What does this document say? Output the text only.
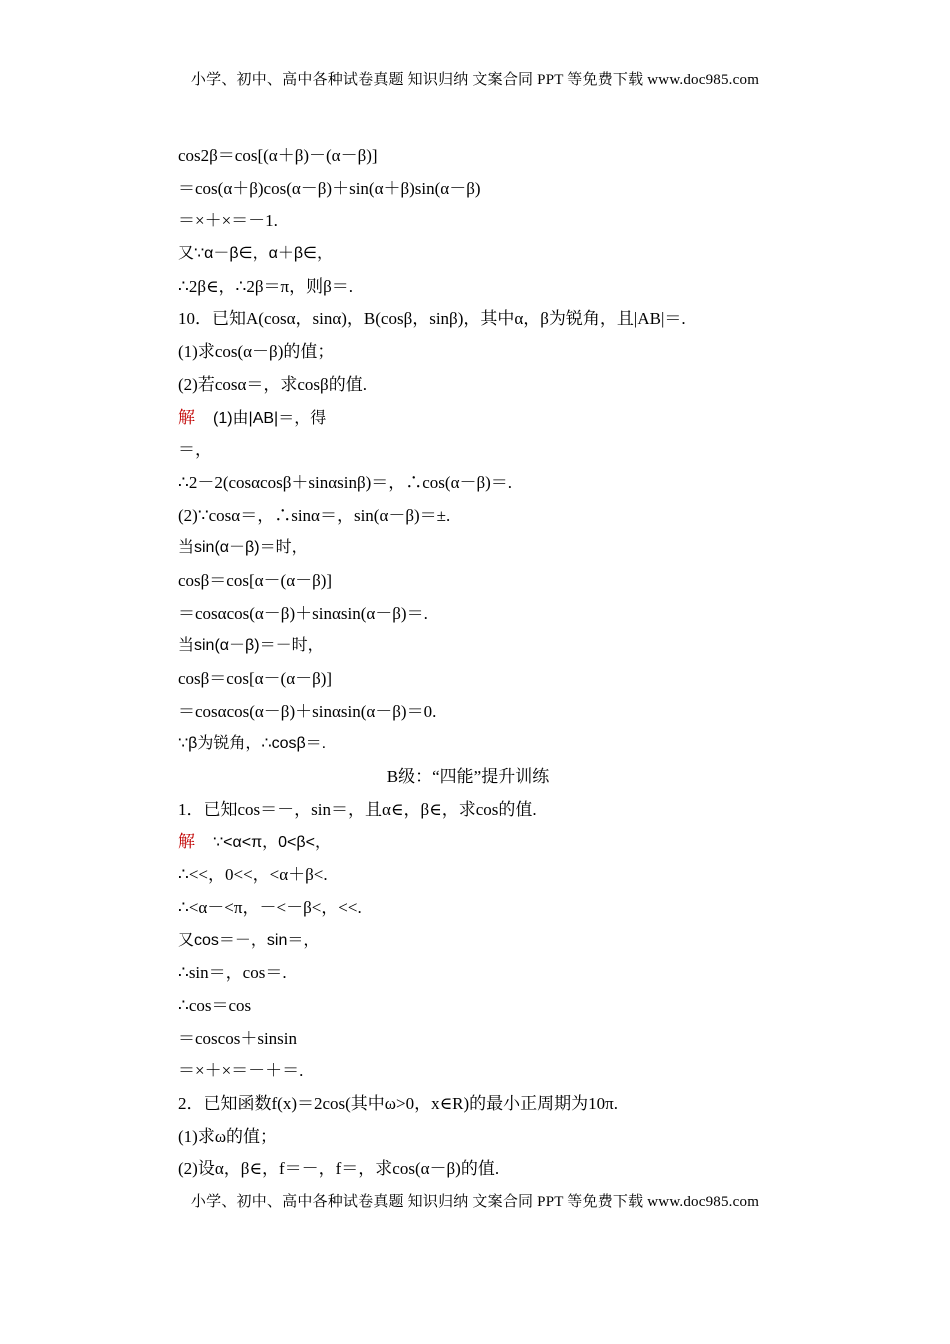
小学、初中、高中各种试卷真题 知识归纳 文案合同 PPT 等免费下载 www.doc985.com
cos2β＝cos[(α＋β)－(α－β)]
＝cos(α＋β)cos(α－β)＋sin(α＋β)sin(α－β)
＝×＋×＝－1.
又∵α－β∈，α＋β∈，
∴2β∈，∴2β＝π，则β＝.
10．已知A(cosα，sinα)，B(cosβ，sinβ)，其中α，β为锐角，且|AB|＝.
(1)求cos(α－β)的值；
(2)若cosα＝，求cosβ的值.
解 (1)由|AB|＝，得
＝，
∴2－2(cosαcosβ＋sinαsinβ)＝，∴cos(α－β)＝.
(2)∵cosα＝，∴sinα＝，sin(α－β)＝±.
当sin(α－β)＝时，
cosβ＝cos[α－(α－β)]
＝cosαcos(α－β)＋sinαsin(α－β)＝.
当sin(α－β)＝－时，
cosβ＝cos[α－(α－β)]
＝cosαcos(α－β)＋sinαsin(α－β)＝0.
∵β为锐角，∴cosβ＝.
B级：“四能”提升训练
1．已知cos＝－，sin＝，且α∈，β∈，求cos的值.
解 ∵<α<π，0<β<，
∴<<，0<<，<α＋β<.
∴<α－<π，－<－β<，<<.
又cos＝－，sin＝，
∴sin＝，cos＝.
∴cos＝cos
＝coscos＋sinsin
＝×＋×＝－＋＝.
2．已知函数f(x)＝2cos(其中ω>0，x∈R)的最小正周期为10π.
(1)求ω的值；
(2)设α，β∈，f＝－，f＝，求cos(α－β)的值.
小学、初中、高中各种试卷真题 知识归纳 文案合同 PPT 等免费下载 www.doc985.com
